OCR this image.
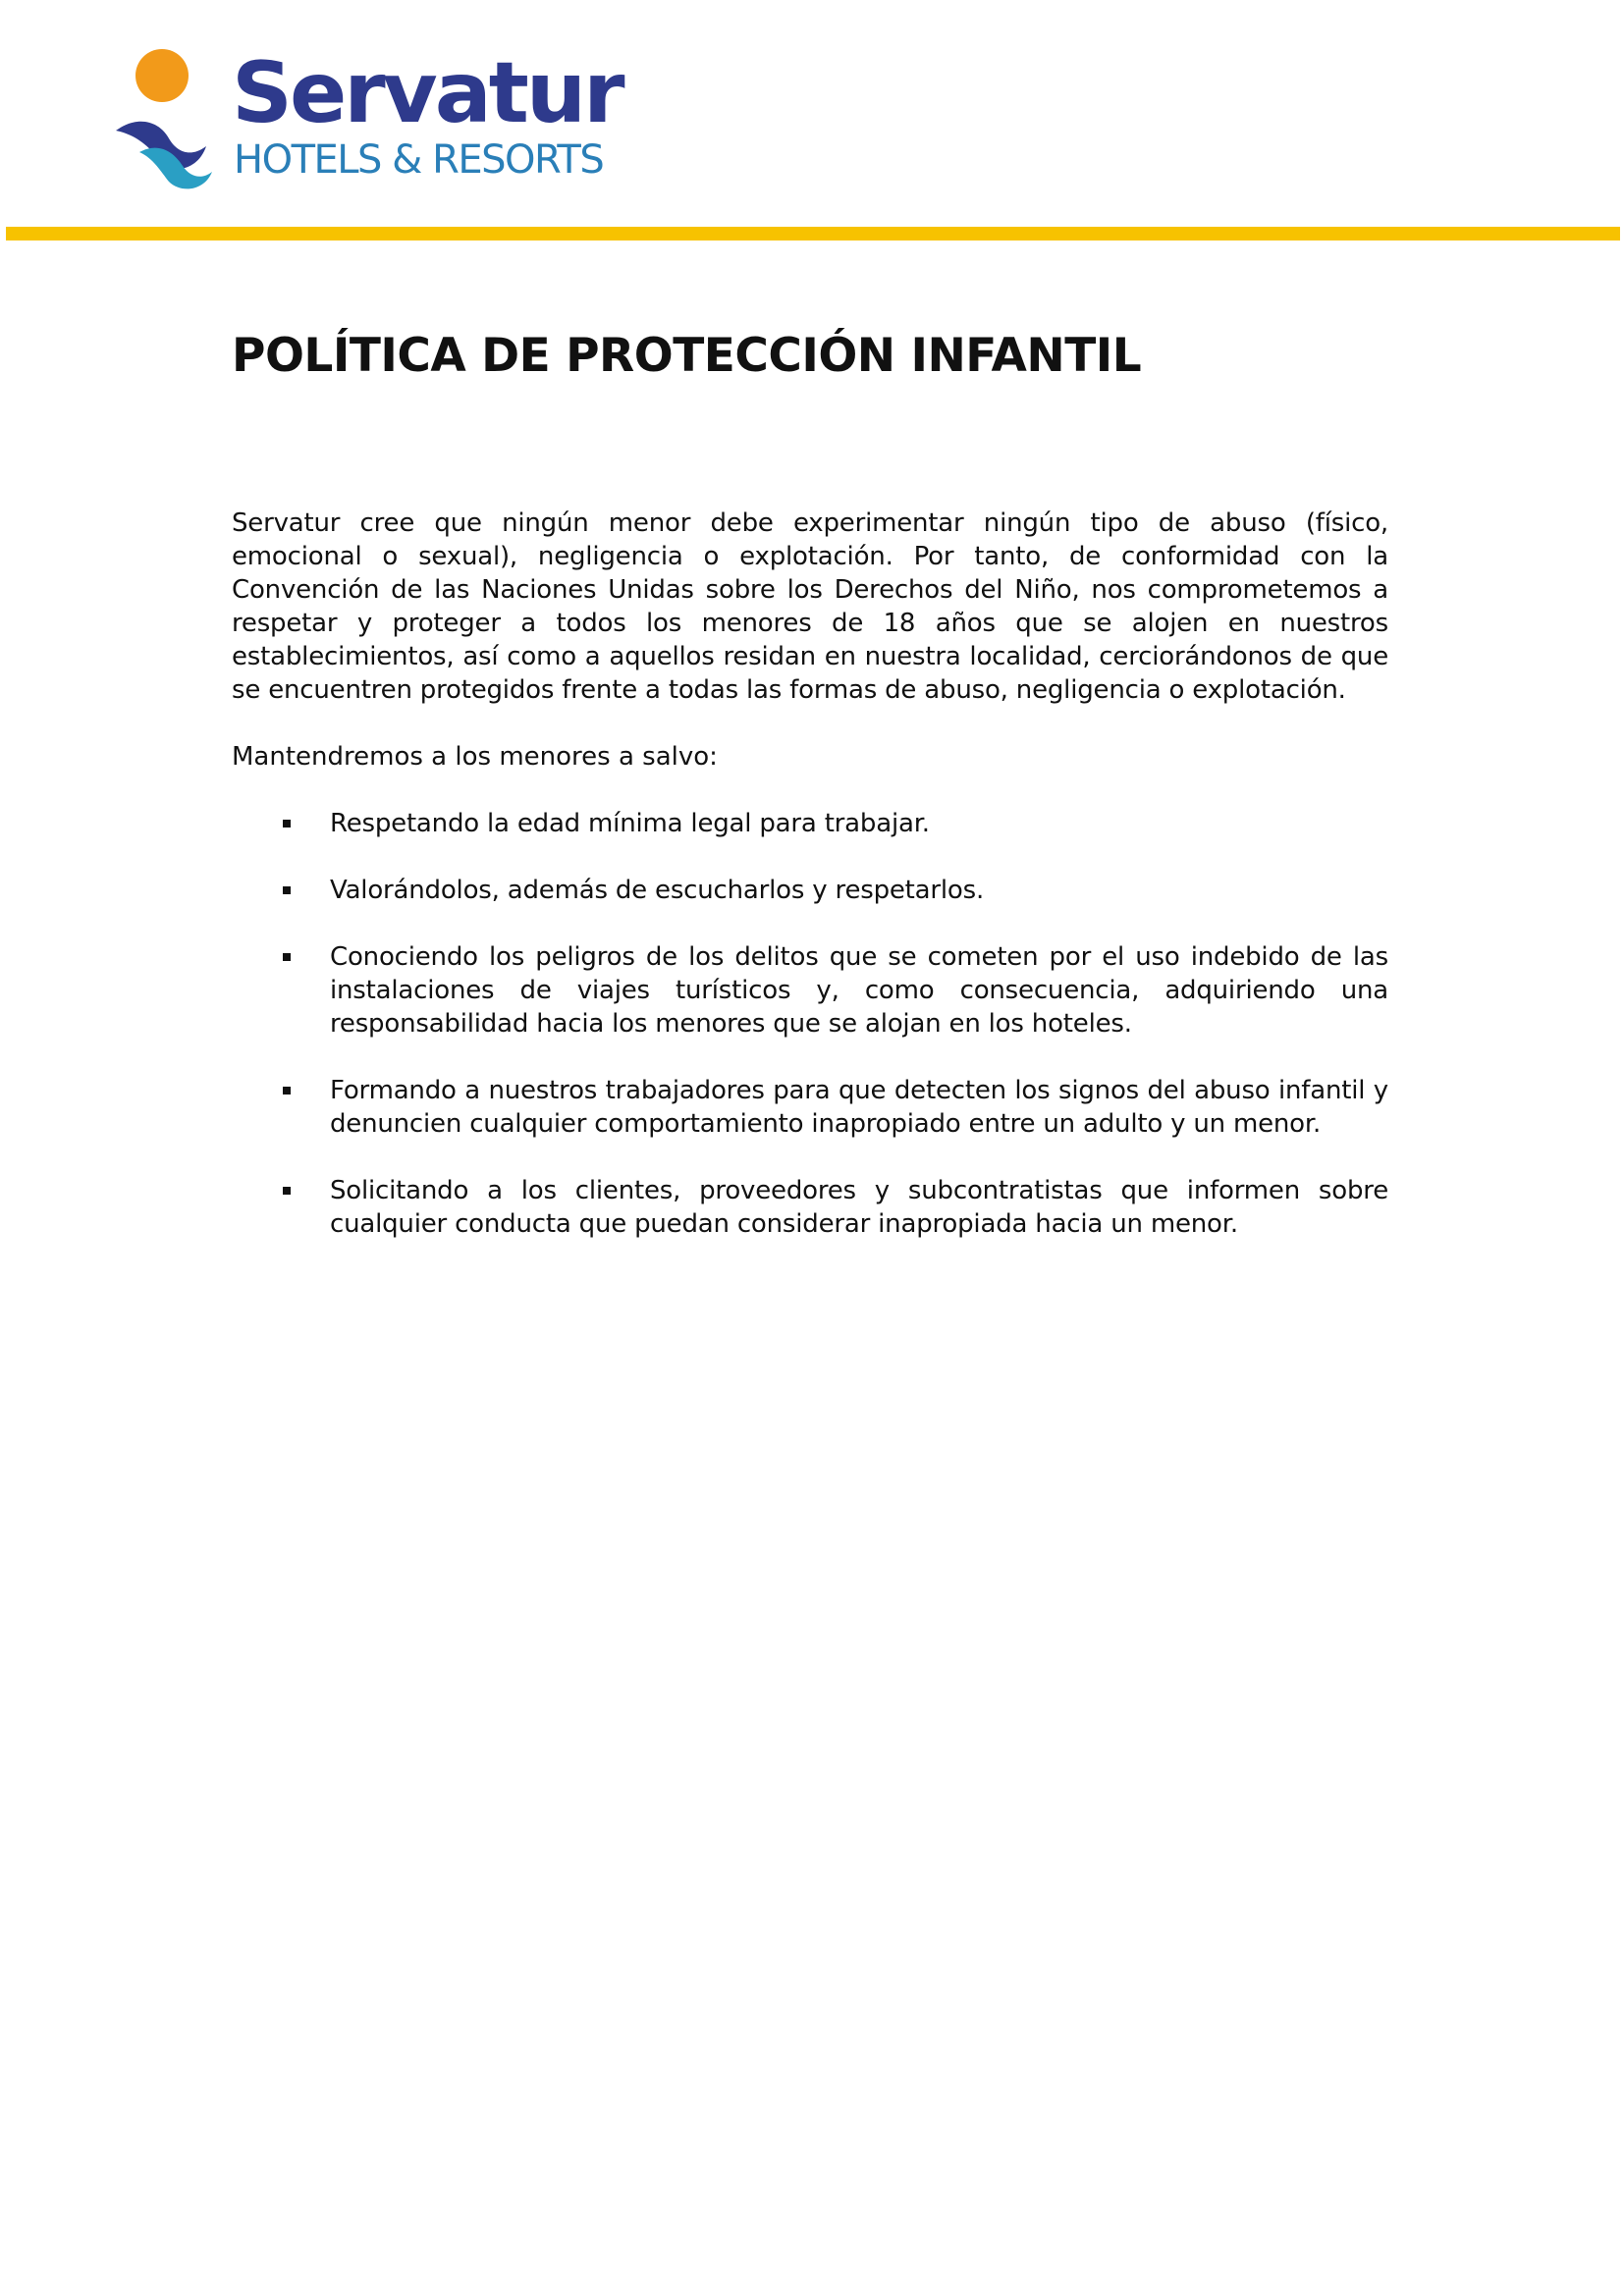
Servatur
HOTELS & RESORTS
POLÍTICA DE PROTECCIÓN INFANTIL

Servatur cree que ningún menor debe experimentar ningún tipo de abuso (físico, emocional o sexual), negligencia o explotación. Por tanto, de conformidad con la Convención de las Naciones Unidas sobre los Derechos del Niño, nos comprometemos a respetar y proteger a todos los menores de 18 años que se alojen en nuestros establecimientos, así como a aquellos residan en nuestra localidad, cerciorándonos de que se encuentren protegidos frente a todas las formas de abuso, negligencia o explotación.

Mantendremos a los menores a salvo:

Respetando la edad mínima legal para trabajar.
Valorándolos, además de escucharlos y respetarlos.
Conociendo los peligros de los delitos que se cometen por el uso indebido de las instalaciones de viajes turísticos y, como consecuencia, adquiriendo una responsabilidad hacia los menores que se alojan en los hoteles.
Formando a nuestros trabajadores para que detecten los signos del abuso infantil y denuncien cualquier comportamiento inapropiado entre un adulto y un menor.
Solicitando a los clientes, proveedores y subcontratistas que informen sobre cualquier conducta que puedan considerar inapropiada hacia un menor.
